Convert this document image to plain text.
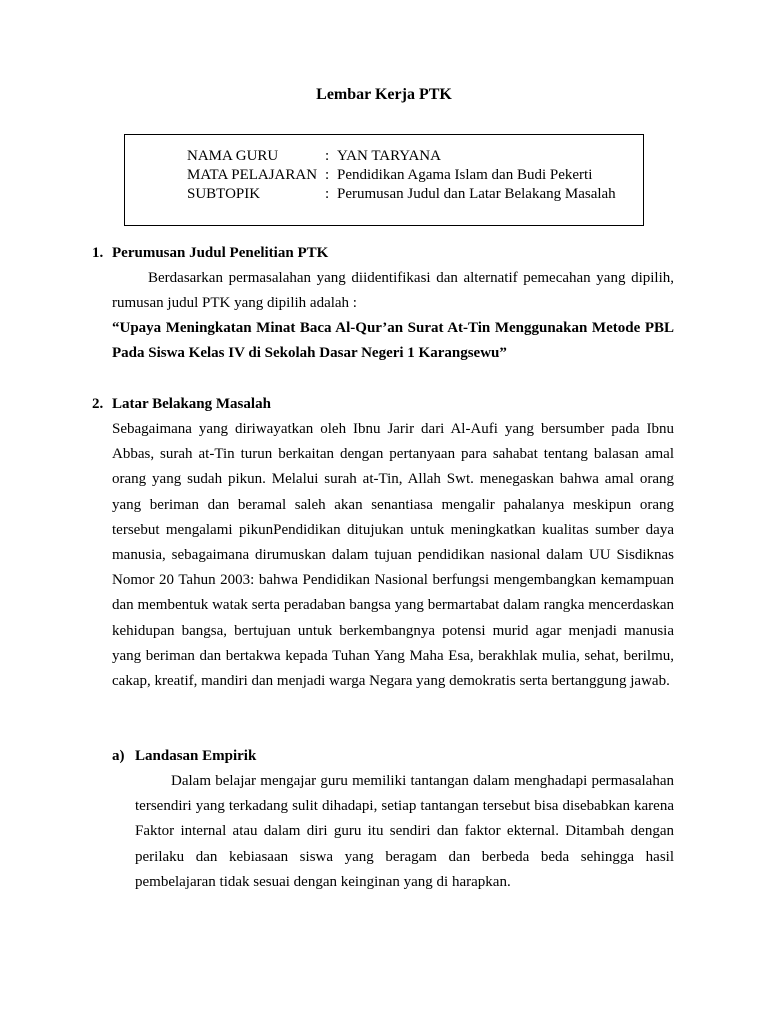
Lembar Kerja PTK
NAMA GURU	: YAN TARYANA
MATA PELAJARAN : Pendidikan Agama Islam dan Budi Pekerti
SUBTOPIK	: Perumusan Judul dan Latar Belakang Masalah
1. Perumusan Judul Penelitian PTK
Berdasarkan permasalahan yang diidentifikasi dan alternatif pemecahan yang dipilih, rumusan judul PTK yang dipilih adalah :
“Upaya Meningkatan Minat Baca Al-Qur’an Surat At-Tin Menggunakan Metode PBL Pada Siswa Kelas IV di Sekolah Dasar Negeri 1 Karangsewu”
2. Latar Belakang Masalah
Sebagaimana yang diriwayatkan oleh Ibnu Jarir dari Al-Aufi yang bersumber pada Ibnu Abbas, surah at-Tin turun berkaitan dengan pertanyaan para sahabat tentang balasan amal orang yang sudah pikun. Melalui surah at-Tin, Allah Swt. menegaskan bahwa amal orang yang beriman dan beramal saleh akan senantiasa mengalir pahalanya meskipun orang tersebut mengalami pikunPendidikan ditujukan untuk meningkatkan kualitas sumber daya manusia, sebagaimana dirumuskan dalam tujuan pendidikan nasional dalam UU Sisdiknas Nomor 20 Tahun 2003: bahwa Pendidikan Nasional berfungsi mengembangkan kemampuan dan membentuk watak serta peradaban bangsa yang bermartabat dalam rangka mencerdaskan kehidupan bangsa, bertujuan untuk berkembangnya potensi murid agar menjadi manusia yang beriman dan bertakwa kepada Tuhan Yang Maha Esa, berakhlak mulia, sehat, berilmu, cakap, kreatif, mandiri dan menjadi warga Negara yang demokratis serta bertanggung jawab.
a) Landasan Empirik
Dalam belajar mengajar guru memiliki tantangan dalam menghadapi permasalahan tersendiri yang terkadang sulit dihadapi, setiap tantangan tersebut bisa disebabkan karena Faktor internal atau dalam diri guru itu sendiri dan faktor ekternal. Ditambah dengan perilaku dan kebiasaan siswa yang beragam dan berbeda beda sehingga hasil pembelajaran tidak sesuai dengan keinginan yang di harapkan.
